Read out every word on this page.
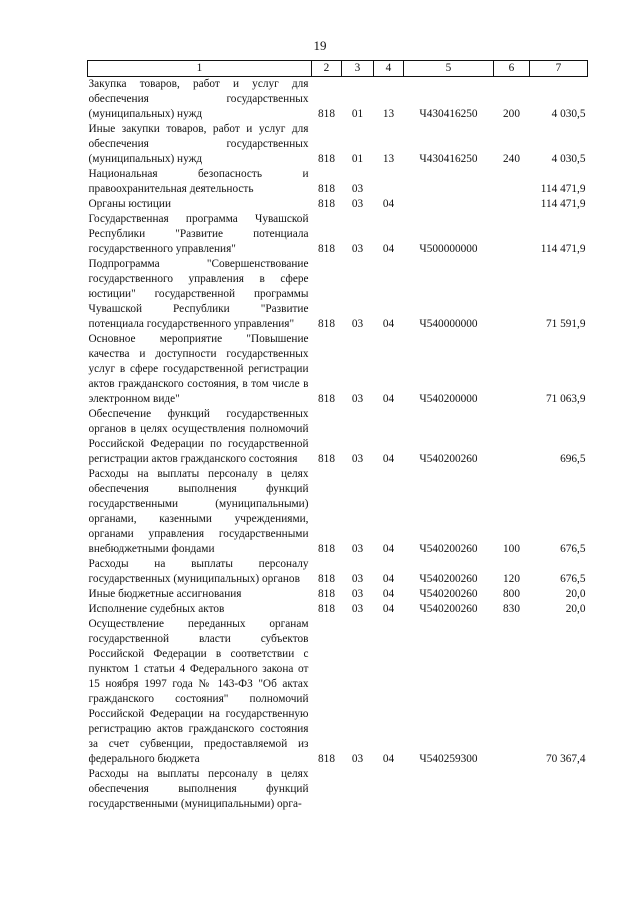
19
1	2	3	4	5	6	7
Закупка товаров, работ и услуг для обеспечения государственных (муниципальных) нужд	818	01	13	Ч430416250	200	4 030,5
Иные закупки товаров, работ и услуг для обеспечения государственных (муниципальных) нужд	818	01	13	Ч430416250	240	4 030,5
Национальная безопасность и правоохранительная деятельность	818	03				114 471,9
Органы юстиции	818	03	04			114 471,9
Государственная программа Чувашской Республики "Развитие потенциала государственного управления"	818	03	04	Ч500000000		114 471,9
Подпрограмма "Совершенствование государственного управления в сфере юстиции" государственной программы Чувашской Республики "Развитие потенциала государственного управления"	818	03	04	Ч540000000		71 591,9
Основное мероприятие "Повышение качества и доступности государственных услуг в сфере государственной регистрации актов гражданского состояния, в том числе в электронном виде"	818	03	04	Ч540200000		71 063,9
Обеспечение функций государственных органов в целях осуществления полномочий Российской Федерации по государственной регистрации актов гражданского состояния	818	03	04	Ч540200260		696,5
Расходы на выплаты персоналу в целях обеспечения выполнения функций государственными (муниципальными) органами, казенными учреждениями, органами управления государственными внебюджетными фондами	818	03	04	Ч540200260	100	676,5
Расходы на выплаты персоналу государственных (муниципальных) органов	818	03	04	Ч540200260	120	676,5
Иные бюджетные ассигнования	818	03	04	Ч540200260	800	20,0
Исполнение судебных актов	818	03	04	Ч540200260	830	20,0
Осуществление переданных органам государственной власти субъектов Российской Федерации в соответствии с пунктом 1 статьи 4 Федерального закона от 15 ноября 1997 года № 143-ФЗ "Об актах гражданского состояния" полномочий Российской Федерации на государственную регистрацию актов гражданского состояния за счет субвенции, предоставляемой из федерального бюджета	818	03	04	Ч540259300		70 367,4
Расходы на выплаты персоналу в целях обеспечения выполнения функций государственными (муниципальными) орга-						
